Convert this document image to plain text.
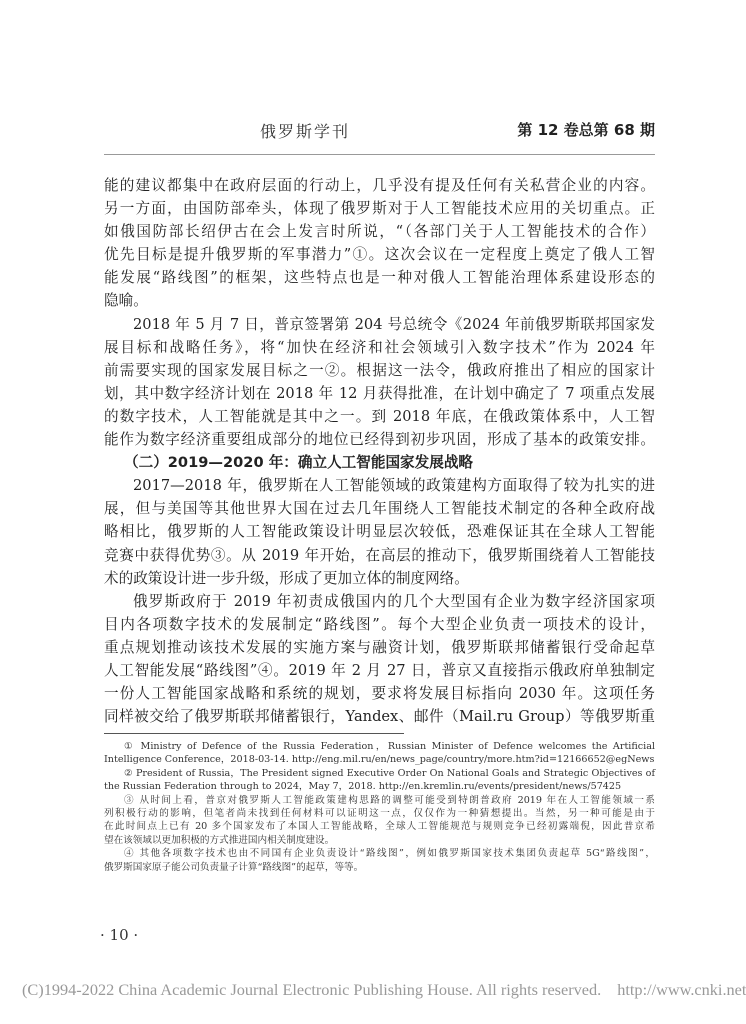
俄罗斯学刊	第 12 卷总第 68 期
能的建议都集中在政府层面的行动上，几乎没有提及任何有关私营企业的内容。
另一方面，由国防部牵头，体现了俄罗斯对于人工智能技术应用的关切重点。正
如俄国防部长绍伊古在会上发言时所说，“（各部门关于人工智能技术的合作）
优先目标是提升俄罗斯的军事潜力”①。这次会议在一定程度上奠定了俄人工智
能发展“路线图”的框架，这些特点也是一种对俄人工智能治理体系建设形态的
隐喻。
2018 年 5 月 7 日，普京签署第 204 号总统令《2024 年前俄罗斯联邦国家发
展目标和战略任务》，将“加快在经济和社会领域引入数字技术”作为 2024 年
前需要实现的国家发展目标之一②。根据这一法令，俄政府推出了相应的国家计
划，其中数字经济计划在 2018 年 12 月获得批准，在计划中确定了 7 项重点发展
的数字技术，人工智能就是其中之一。到 2018 年底，在俄政策体系中，人工智
能作为数字经济重要组成部分的地位已经得到初步巩固，形成了基本的政策安排。
（二）2019—2020 年：确立人工智能国家发展战略
2017—2018 年，俄罗斯在人工智能领域的政策建构方面取得了较为扎实的进
展，但与美国等其他世界大国在过去几年围绕人工智能技术制定的各种全政府战
略相比，俄罗斯的人工智能政策设计明显层次较低，恐难保证其在全球人工智能
竞赛中获得优势③。从 2019 年开始，在高层的推动下，俄罗斯围绕着人工智能技
术的政策设计进一步升级，形成了更加立体的制度网络。
俄罗斯政府于 2019 年初责成俄国内的几个大型国有企业为数字经济国家项
目内各项数字技术的发展制定“路线图”。每个大型企业负责一项技术的设计，
重点规划推动该技术发展的实施方案与融资计划，俄罗斯联邦储蓄银行受命起草
人工智能发展“路线图”④。2019 年 2 月 27 日，普京又直接指示俄政府单独制定
一份人工智能国家战略和系统的规划，要求将发展目标指向 2030 年。这项任务
同样被交给了俄罗斯联邦储蓄银行，Yandex、邮件（Mail.ru Group）等俄罗斯重
① Ministry of Defence of the Russia Federation，Russian Minister of Defence welcomes the Artificial
Intelligence Conference，2018-03-14. http://eng.mil.ru/en/news_page/country/more.htm?id=12166652@egNews
② President of Russia，The President signed Executive Order On National Goals and Strategic Objectives of
the Russian Federation through to 2024，May 7，2018. http://en.kremlin.ru/events/president/news/57425
③ 从时间上看，普京对俄罗斯人工智能政策建构思路的调整可能受到特朗普政府 2019 年在人工智能领域一系
列积极行动的影响，但笔者尚未找到任何材料可以证明这一点，仅仅作为一种猜想提出。当然，另一种可能是由于
在此时间点上已有 20 多个国家发布了本国人工智能战略，全球人工智能规范与规则竞争已经初露端倪，因此普京希
望在该领域以更加积极的方式推进国内相关制度建设。
④ 其他各项数字技术也由不同国有企业负责设计“路线图”，例如俄罗斯国家技术集团负责起草 5G“路线图”，
俄罗斯国家原子能公司负责量子计算“路线图”的起草，等等。
· 10 ·
(C)1994-2022 China Academic Journal Electronic Publishing House. All rights reserved. http://www.cnki.net
